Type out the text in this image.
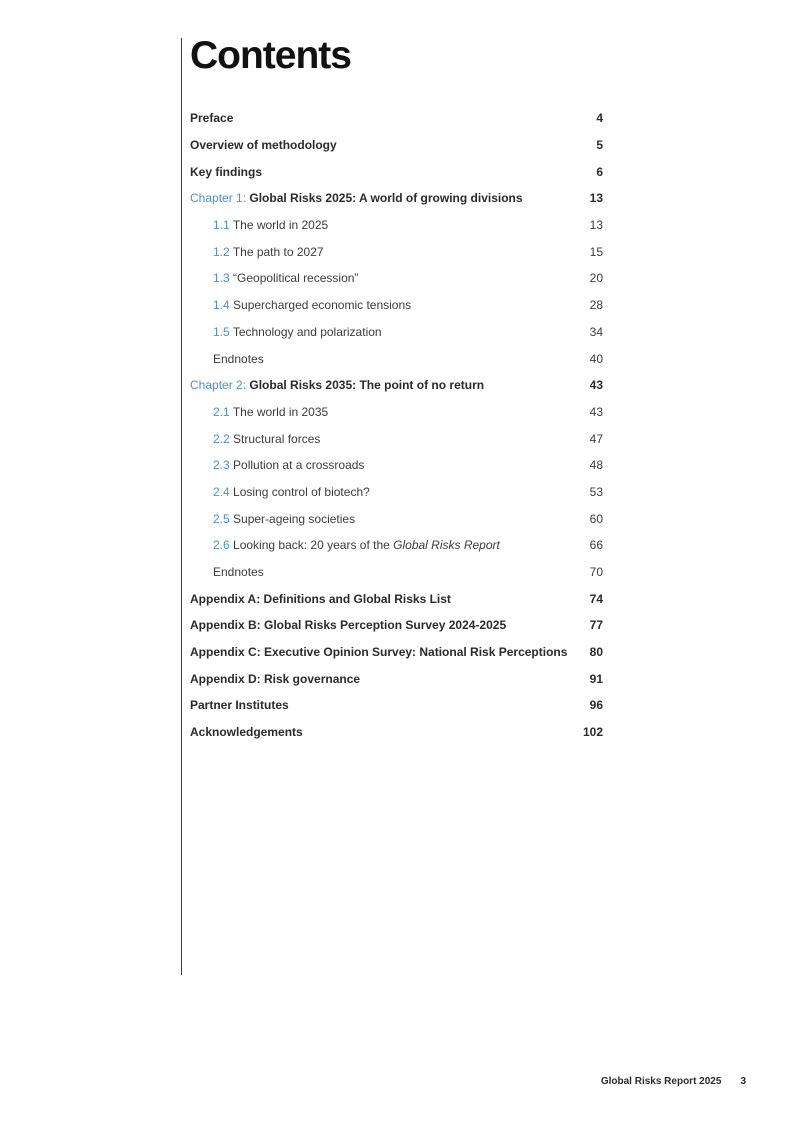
Contents
Preface	4
Overview of methodology	5
Key findings	6
Chapter 1: Global Risks 2025: A world of growing divisions	13
1.1 The world in 2025	13
1.2 The path to 2027	15
1.3 “Geopolitical recession”	20
1.4 Supercharged economic tensions	28
1.5 Technology and polarization	34
Endnotes	40
Chapter 2: Global Risks 2035: The point of no return	43
2.1 The world in 2035	43
2.2 Structural forces	47
2.3 Pollution at a crossroads	48
2.4 Losing control of biotech?	53
2.5 Super-ageing societies	60
2.6 Looking back: 20 years of the Global Risks Report	66
Endnotes	70
Appendix A: Definitions and Global Risks List	74
Appendix B: Global Risks Perception Survey 2024-2025	77
Appendix C: Executive Opinion Survey: National Risk Perceptions 80
Appendix D: Risk governance	91
Partner Institutes	96
Acknowledgements	102
Global Risks Report 2025 3
